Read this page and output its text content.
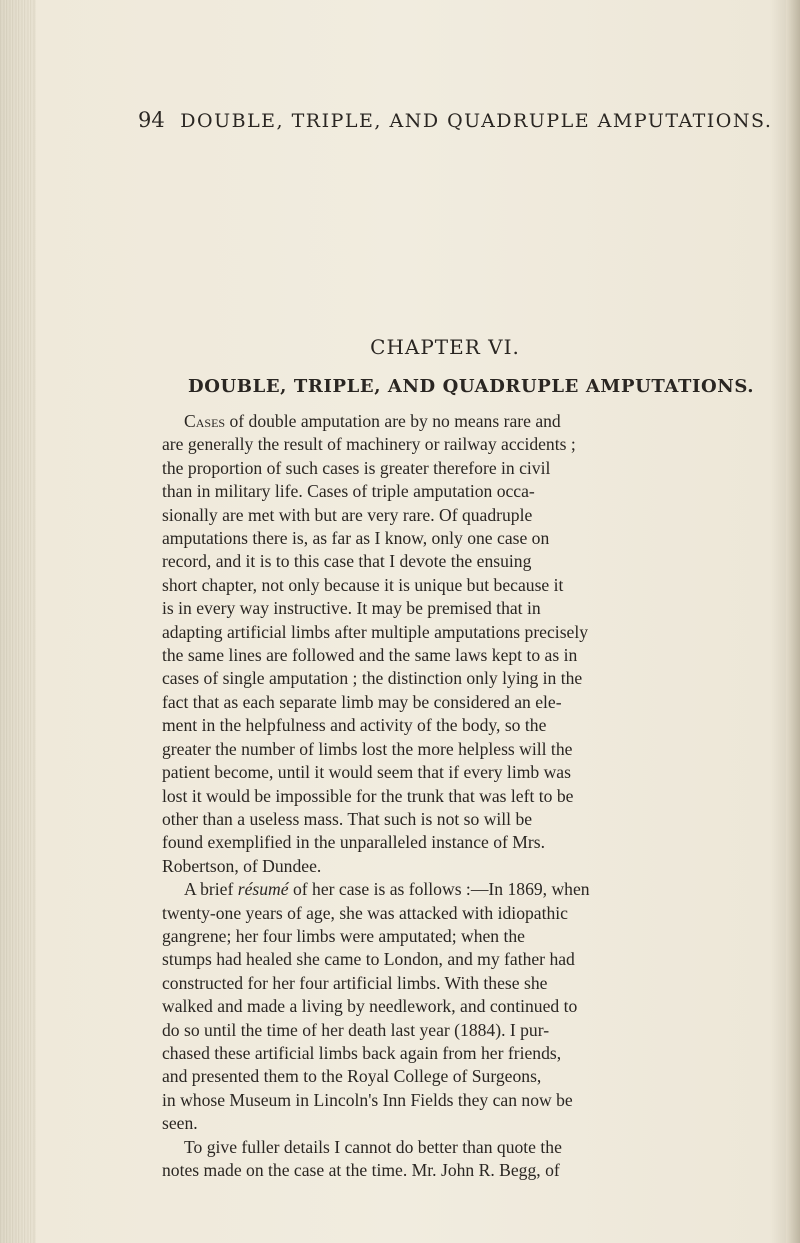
94 DOUBLE, TRIPLE, AND QUADRUPLE AMPUTATIONS.
CHAPTER VI.
DOUBLE, TRIPLE, AND QUADRUPLE AMPUTATIONS.
Cases of double amputation are by no means rare and
are generally the result of machinery or railway accidents ;
the proportion of such cases is greater therefore in civil
than in military life. Cases of triple amputation occa-
sionally are met with but are very rare. Of quadruple
amputations there is, as far as I know, only one case on
record, and it is to this case that I devote the ensuing
short chapter, not only because it is unique but because it
is in every way instructive. It may be premised that in
adapting artificial limbs after multiple amputations precisely
the same lines are followed and the same laws kept to as in
cases of single amputation ; the distinction only lying in the
fact that as each separate limb may be considered an ele-
ment in the helpfulness and activity of the body, so the
greater the number of limbs lost the more helpless will the
patient become, until it would seem that if every limb was
lost it would be impossible for the trunk that was left to be
other than a useless mass. That such is not so will be
found exemplified in the unparalleled instance of Mrs.
Robertson, of Dundee.
A brief résumé of her case is as follows :—In 1869, when
twenty-one years of age, she was attacked with idiopathic
gangrene; her four limbs were amputated; when the
stumps had healed she came to London, and my father had
constructed for her four artificial limbs. With these she
walked and made a living by needlework, and continued to
do so until the time of her death last year (1884). I pur-
chased these artificial limbs back again from her friends,
and presented them to the Royal College of Surgeons,
in whose Museum in Lincoln's Inn Fields they can now be
seen.
To give fuller details I cannot do better than quote the
notes made on the case at the time. Mr. John R. Begg, of
